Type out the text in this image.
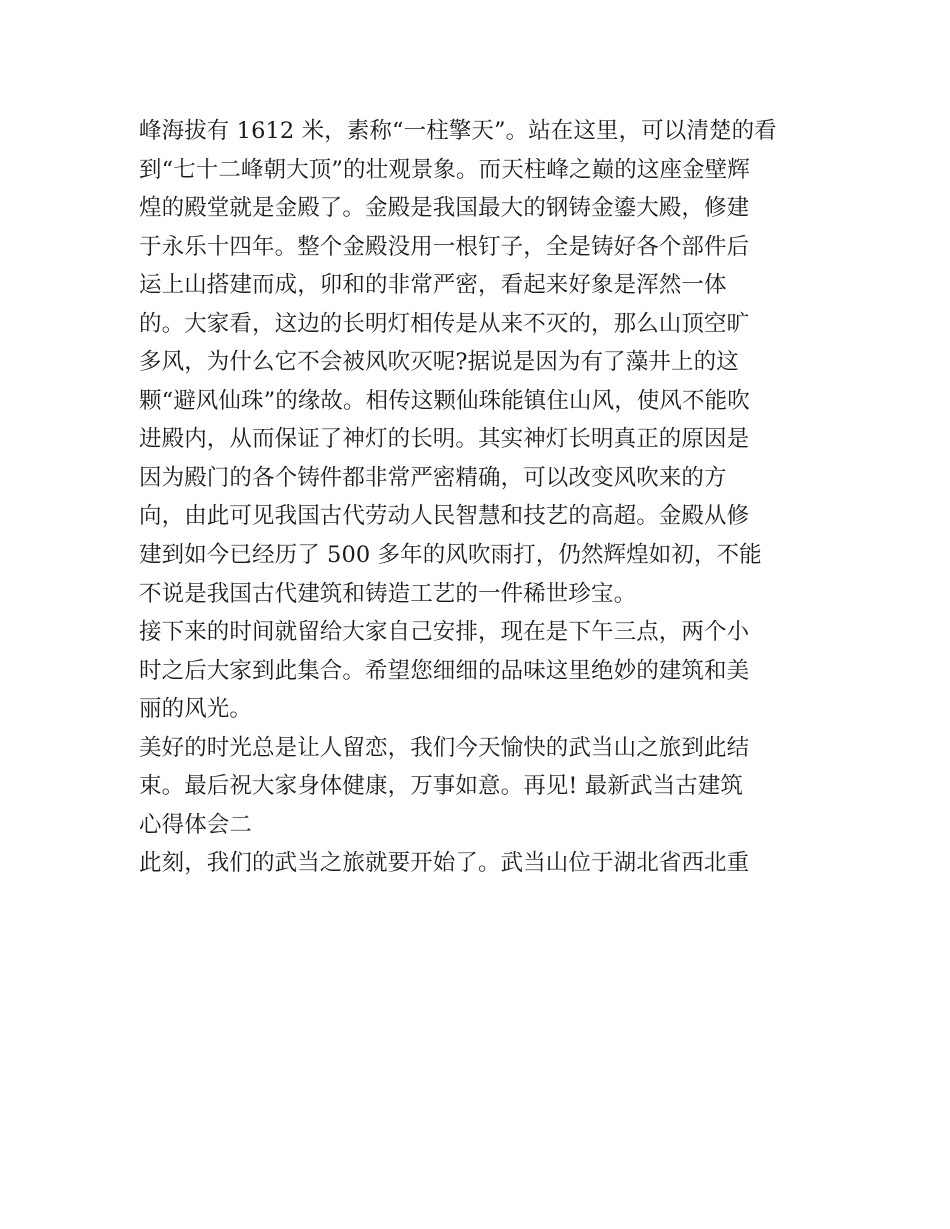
峰海拔有 1612 米，素称“一柱擎天”。站在这里，可以清楚的看
到“七十二峰朝大顶”的壮观景象。而天柱峰之巅的这座金壁辉
煌的殿堂就是金殿了。金殿是我国最大的钢铸金鎏大殿，修建
于永乐十四年。整个金殿没用一根钉子，全是铸好各个部件后
运上山搭建而成，卯和的非常严密，看起来好象是浑然一体
的。大家看，这边的长明灯相传是从来不灭的，那么山顶空旷
多风，为什么它不会被风吹灭呢?据说是因为有了藻井上的这
颗“避风仙珠”的缘故。相传这颗仙珠能镇住山风，使风不能吹
进殿内，从而保证了神灯的长明。其实神灯长明真正的原因是
因为殿门的各个铸件都非常严密精确，可以改变风吹来的方
向，由此可见我国古代劳动人民智慧和技艺的高超。金殿从修
建到如今已经历了 500 多年的风吹雨打，仍然辉煌如初，不能
不说是我国古代建筑和铸造工艺的一件稀世珍宝。
接下来的时间就留给大家自己安排，现在是下午三点，两个小
时之后大家到此集合。希望您细细的品味这里绝妙的建筑和美
丽的风光。
美好的时光总是让人留恋，我们今天愉快的武当山之旅到此结
束。最后祝大家身体健康，万事如意。再见! 最新武当古建筑
心得体会二
此刻，我们的武当之旅就要开始了。武当山位于湖北省西北重
